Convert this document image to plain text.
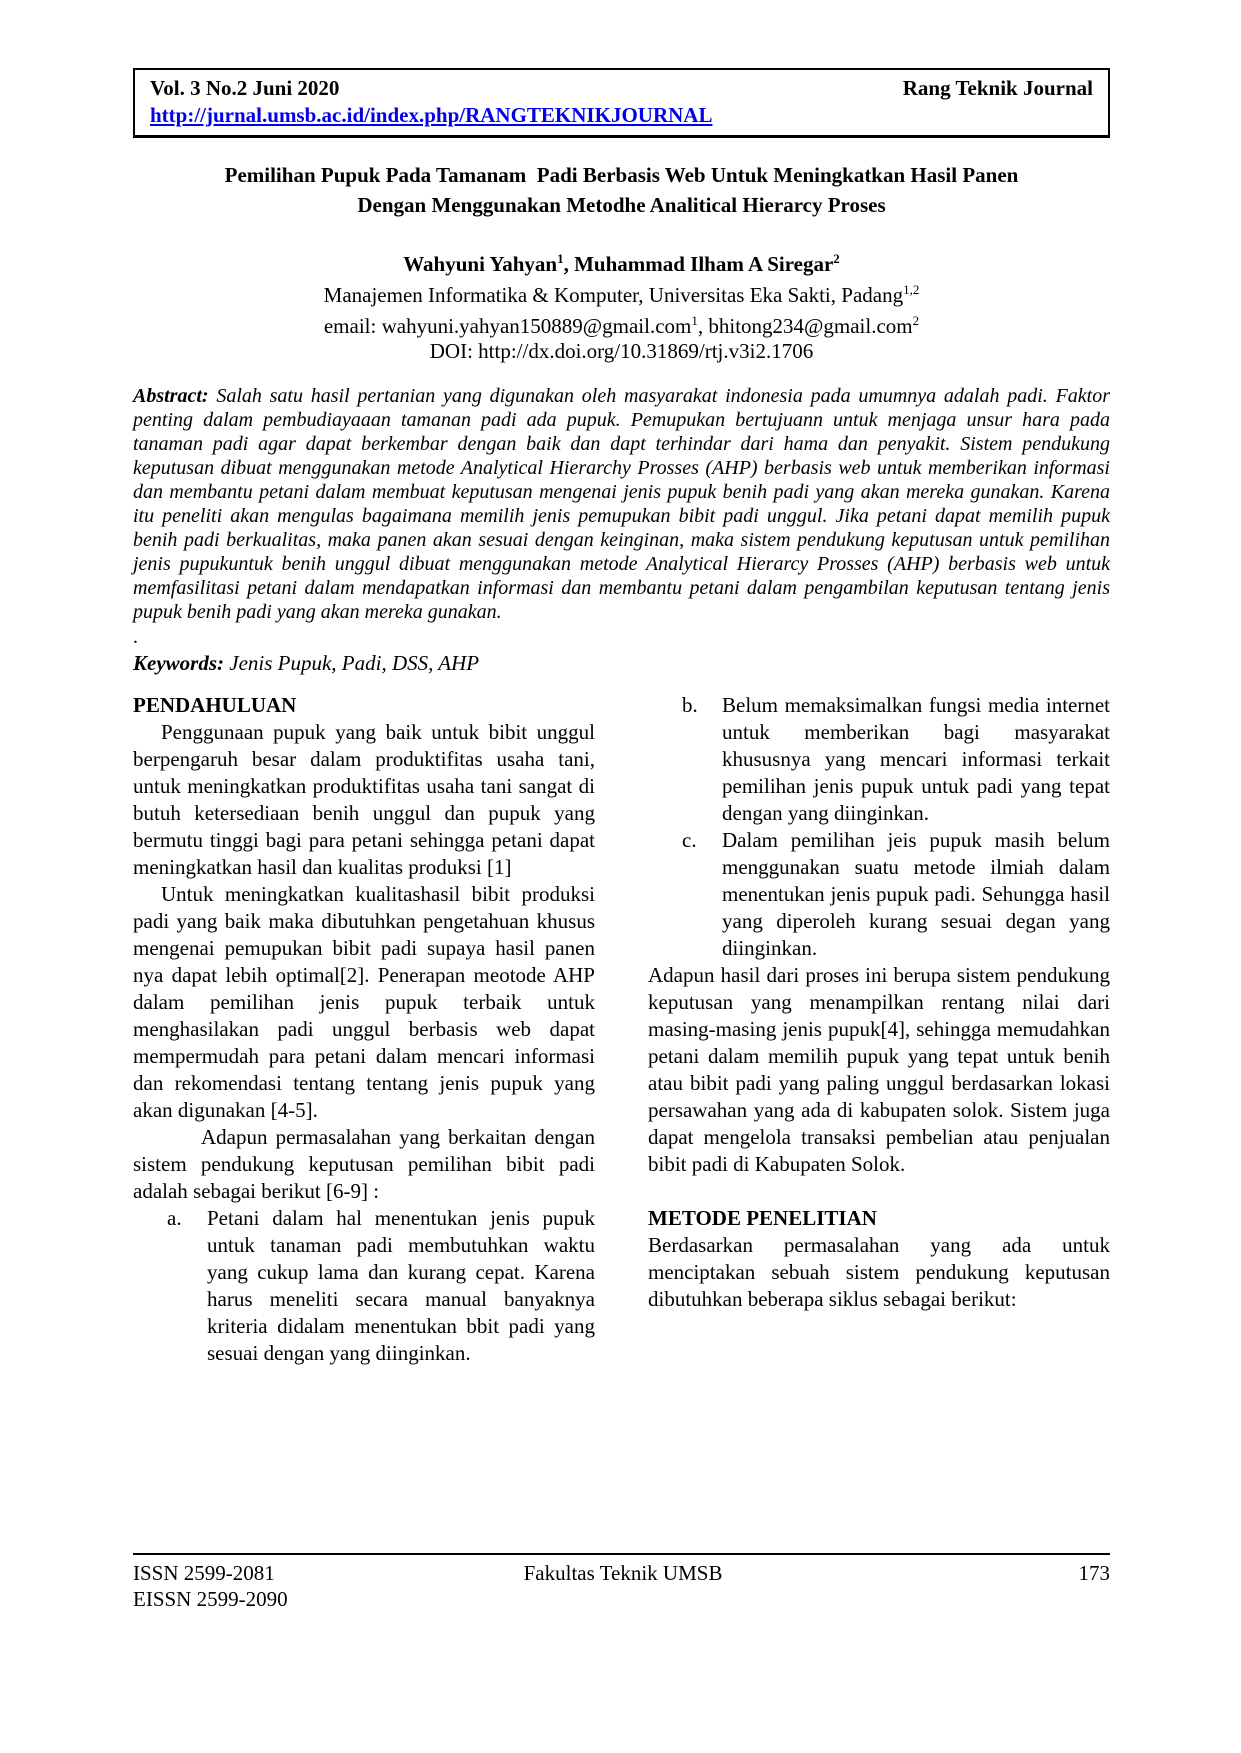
Vol. 3 No.2 Juni 2020	Rang Teknik Journal
http://jurnal.umsb.ac.id/index.php/RANGTEKNIKJOURNAL
Pemilihan Pupuk Pada Tamanam  Padi Berbasis Web Untuk Meningkatkan Hasil Panen
Dengan Menggunakan Metodhe Analitical Hierarcy Proses

Wahyuni Yahyan$^1$, Muhammad Ilham A Siregar$^2$

Manajemen Informatika & Komputer, Universitas Eka Sakti, Padang$^{1,2}$

email: wahyuni.yahyan150889@gmail.com$^1$, bhitong234@gmail.com$^2$

DOI: http://dx.doi.org/10.31869/rtj.v3i2.1706

Abstract: Salah satu hasil pertanian yang digunakan oleh masyarakat indonesia pada umumnya adalah padi. Faktor penting dalam pembudiayaaan tamanan padi ada pupuk. Pemupukan bertujuann untuk menjaga unsur hara pada tanaman padi agar dapat berkembar dengan baik dan dapt terhindar dari hama dan penyakit. Sistem pendukung keputusan dibuat menggunakan metode Analytical Hierarchy Prosses (AHP) berbasis web untuk memberikan informasi dan membantu petani dalam membuat keputusan mengenai jenis pupuk benih padi yang akan mereka gunakan. Karena itu peneliti akan mengulas bagaimana memilih jenis pemupukan bibit padi unggul. Jika petani dapat memilih pupuk benih padi berkualitas, maka panen akan sesuai dengan keinginan, maka sistem pendukung keputusan untuk pemilihan jenis pupukuntuk benih unggul dibuat menggunakan metode Analytical Hierarcy Prosses (AHP) berbasis web untuk memfasilitasi petani dalam mendapatkan informasi dan membantu petani dalam pengambilan keputusan tentang jenis pupuk benih padi yang akan mereka gunakan.

.

Keywords: Jenis Pupuk, Padi, DSS, AHP

PENDAHULUAN

Penggunaan pupuk yang baik untuk bibit unggul berpengaruh besar dalam produktifitas usaha tani, untuk meningkatkan produktifitas usaha tani sangat di butuh ketersediaan benih unggul dan pupuk yang bermutu tinggi bagi para petani sehingga petani dapat meningkatkan hasil dan kualitas produksi [1]

Untuk meningkatkan kualitashasil bibit produksi padi yang baik maka dibutuhkan pengetahuan khusus mengenai pemupukan bibit padi supaya hasil panen nya dapat lebih optimal[2]. Penerapan meotode AHP dalam pemilihan jenis pupuk terbaik untuk menghasilakan padi unggul berbasis web dapat mempermudah para petani dalam mencari informasi dan rekomendasi tentang tentang jenis pupuk yang akan digunakan [4-5].

Adapun permasalahan yang berkaitan dengan sistem pendukung keputusan pemilihan bibit padi adalah sebagai berikut [6-9] :

a. Petani dalam hal menentukan jenis pupuk untuk tanaman padi membutuhkan waktu yang cukup lama dan kurang cepat. Karena harus meneliti secara manual banyaknya kriteria didalam menentukan bbit padi yang sesuai dengan yang diinginkan.
b. Belum memaksimalkan fungsi media internet untuk memberikan bagi masyarakat khususnya yang mencari informasi terkait pemilihan jenis pupuk untuk padi yang tepat dengan yang diinginkan.
c. Dalam pemilihan jeis pupuk masih belum menggunakan suatu metode ilmiah dalam menentukan jenis pupuk padi. Sehungga hasil yang diperoleh kurang sesuai degan yang diinginkan.

Adapun hasil dari proses ini berupa sistem pendukung keputusan yang menampilkan rentang nilai dari masing-masing jenis pupuk[4], sehingga memudahkan petani dalam memilih pupuk yang tepat untuk benih atau bibit padi yang paling unggul berdasarkan lokasi persawahan yang ada di kabupaten solok. Sistem juga dapat mengelola transaksi pembelian atau penjualan bibit padi di Kabupaten Solok.

METODE PENELITIAN

Berdasarkan permasalahan yang ada untuk menciptakan sebuah sistem pendukung keputusan dibutuhkan beberapa siklus sebagai berikut:

ISSN 2599-2081
EISSN 2599-2090
Fakultas Teknik UMSB	173
